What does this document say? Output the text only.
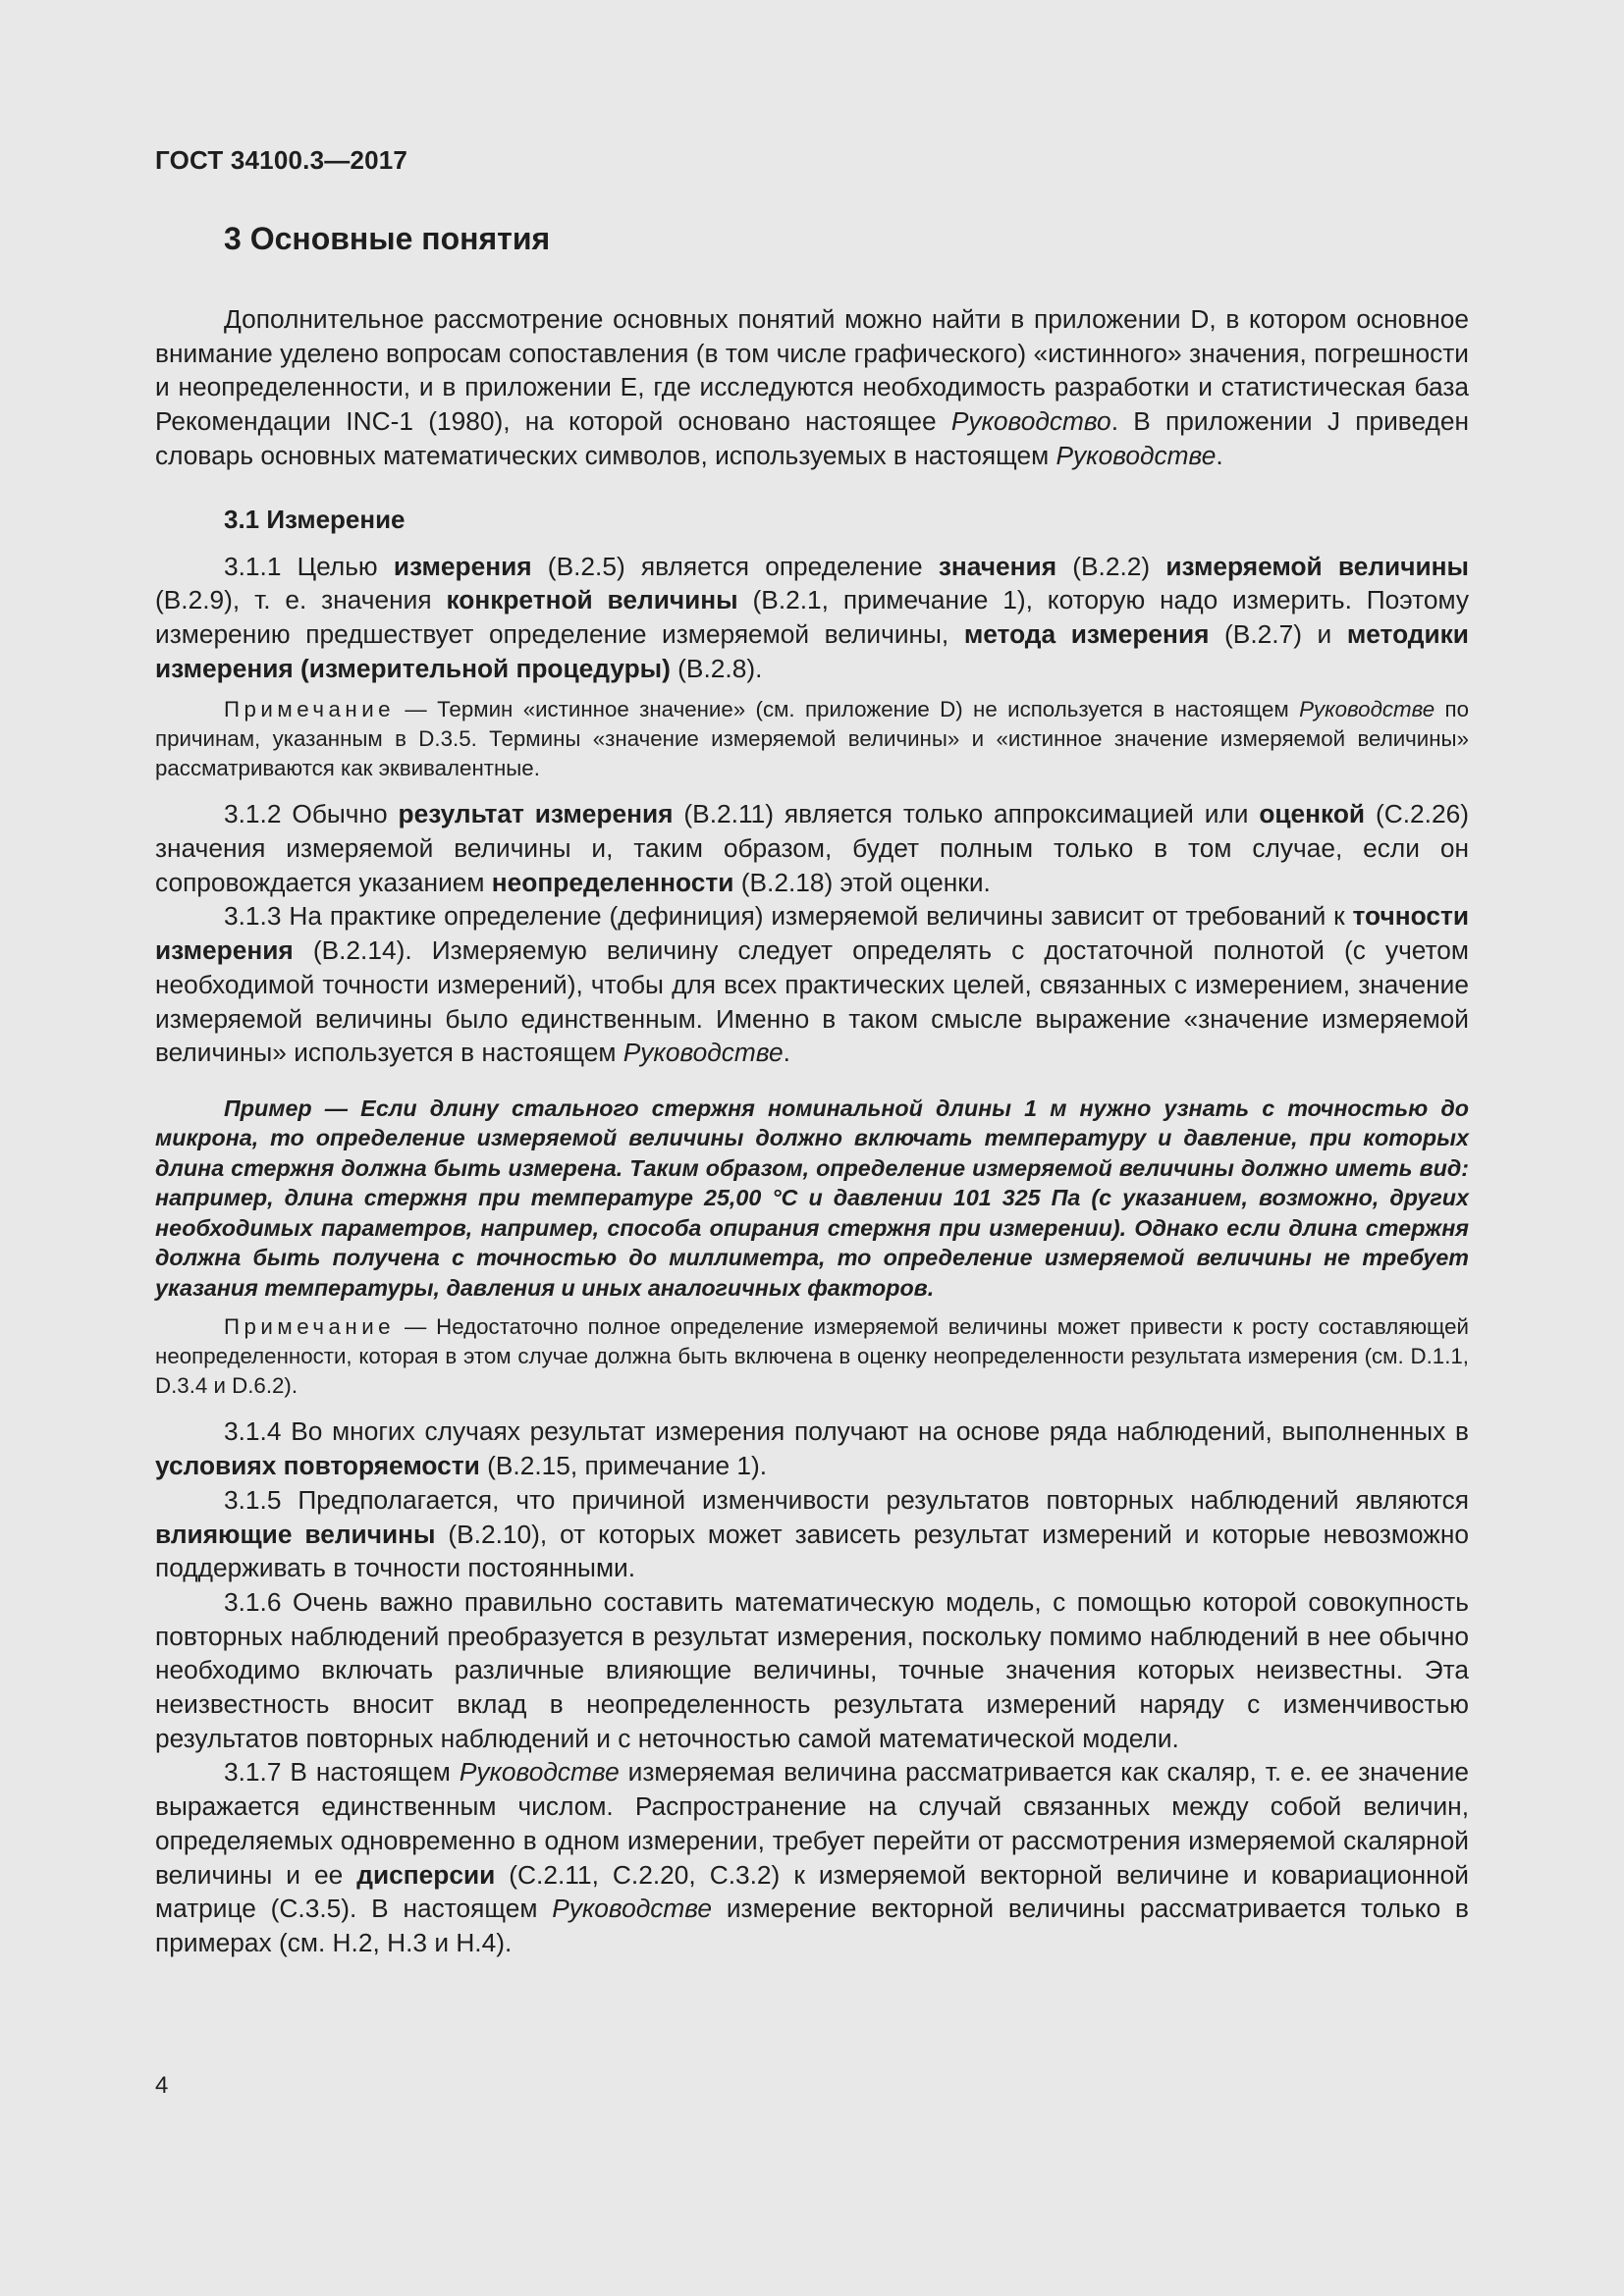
ГОСТ 34100.3—2017
3 Основные понятия

Дополнительное рассмотрение основных понятий можно найти в приложении D, в котором основное внимание уделено вопросам сопоставления (в том числе графического) «истинного» значения, погрешности и неопределенности, и в приложении E, где исследуются необходимость разработки и статистическая база Рекомендации INC-1 (1980), на которой основано настоящее Руководство. В приложении J приведен словарь основных математических символов, используемых в настоящем Руководстве.

3.1 Измерение

3.1.1 Целью измерения (B.2.5) является определение значения (B.2.2) измеряемой величины (B.2.9), т. е. значения конкретной величины (B.2.1, примечание 1), которую надо измерить. Поэтому измерению предшествует определение измеряемой величины, метода измерения (B.2.7) и методики измерения (измерительной процедуры) (B.2.8).

Примечание — Термин «истинное значение» (см. приложение D) не используется в настоящем Руководстве по причинам, указанным в D.3.5. Термины «значение измеряемой величины» и «истинное значение измеряемой величины» рассматриваются как эквивалентные.

3.1.2 Обычно результат измерения (B.2.11) является только аппроксимацией или оценкой (C.2.26) значения измеряемой величины и, таким образом, будет полным только в том случае, если он сопровождается указанием неопределенности (B.2.18) этой оценки.

3.1.3 На практике определение (дефиниция) измеряемой величины зависит от требований к точности измерения (B.2.14). Измеряемую величину следует определять с достаточной полнотой (с учетом необходимой точности измерений), чтобы для всех практических целей, связанных с измерением, значение измеряемой величины было единственным. Именно в таком смысле выражение «значение измеряемой величины» используется в настоящем Руководстве.

Пример — Если длину стального стержня номинальной длины 1 м нужно узнать с точностью до микрона, то определение измеряемой величины должно включать температуру и давление, при которых длина стержня должна быть измерена. Таким образом, определение измеряемой величины должно иметь вид: например, длина стержня при температуре 25,00 °С и давлении 101 325 Па (с указанием, возможно, других необходимых параметров, например, способа опирания стержня при измерении). Однако если длина стержня должна быть получена с точностью до миллиметра, то определение измеряемой величины не требует указания температуры, давления и иных аналогичных факторов.

Примечание — Недостаточно полное определение измеряемой величины может привести к росту составляющей неопределенности, которая в этом случае должна быть включена в оценку неопределенности результата измерения (см. D.1.1, D.3.4 и D.6.2).

3.1.4 Во многих случаях результат измерения получают на основе ряда наблюдений, выполненных в условиях повторяемости (B.2.15, примечание 1).

3.1.5 Предполагается, что причиной изменчивости результатов повторных наблюдений являются влияющие величины (B.2.10), от которых может зависеть результат измерений и которые невозможно поддерживать в точности постоянными.

3.1.6 Очень важно правильно составить математическую модель, с помощью которой совокупность повторных наблюдений преобразуется в результат измерения, поскольку помимо наблюдений в нее обычно необходимо включать различные влияющие величины, точные значения которых неизвестны. Эта неизвестность вносит вклад в неопределенность результата измерений наряду с изменчивостью результатов повторных наблюдений и с неточностью самой математической модели.

3.1.7 В настоящем Руководстве измеряемая величина рассматривается как скаляр, т. е. ее значение выражается единственным числом. Распространение на случай связанных между собой величин, определяемых одновременно в одном измерении, требует перейти от рассмотрения измеряемой скалярной величины и ее дисперсии (C.2.11, C.2.20, C.3.2) к измеряемой векторной величине и ковариационной матрице (C.3.5). В настоящем Руководстве измерение векторной величины рассматривается только в примерах (см. H.2, H.3 и H.4).

4
